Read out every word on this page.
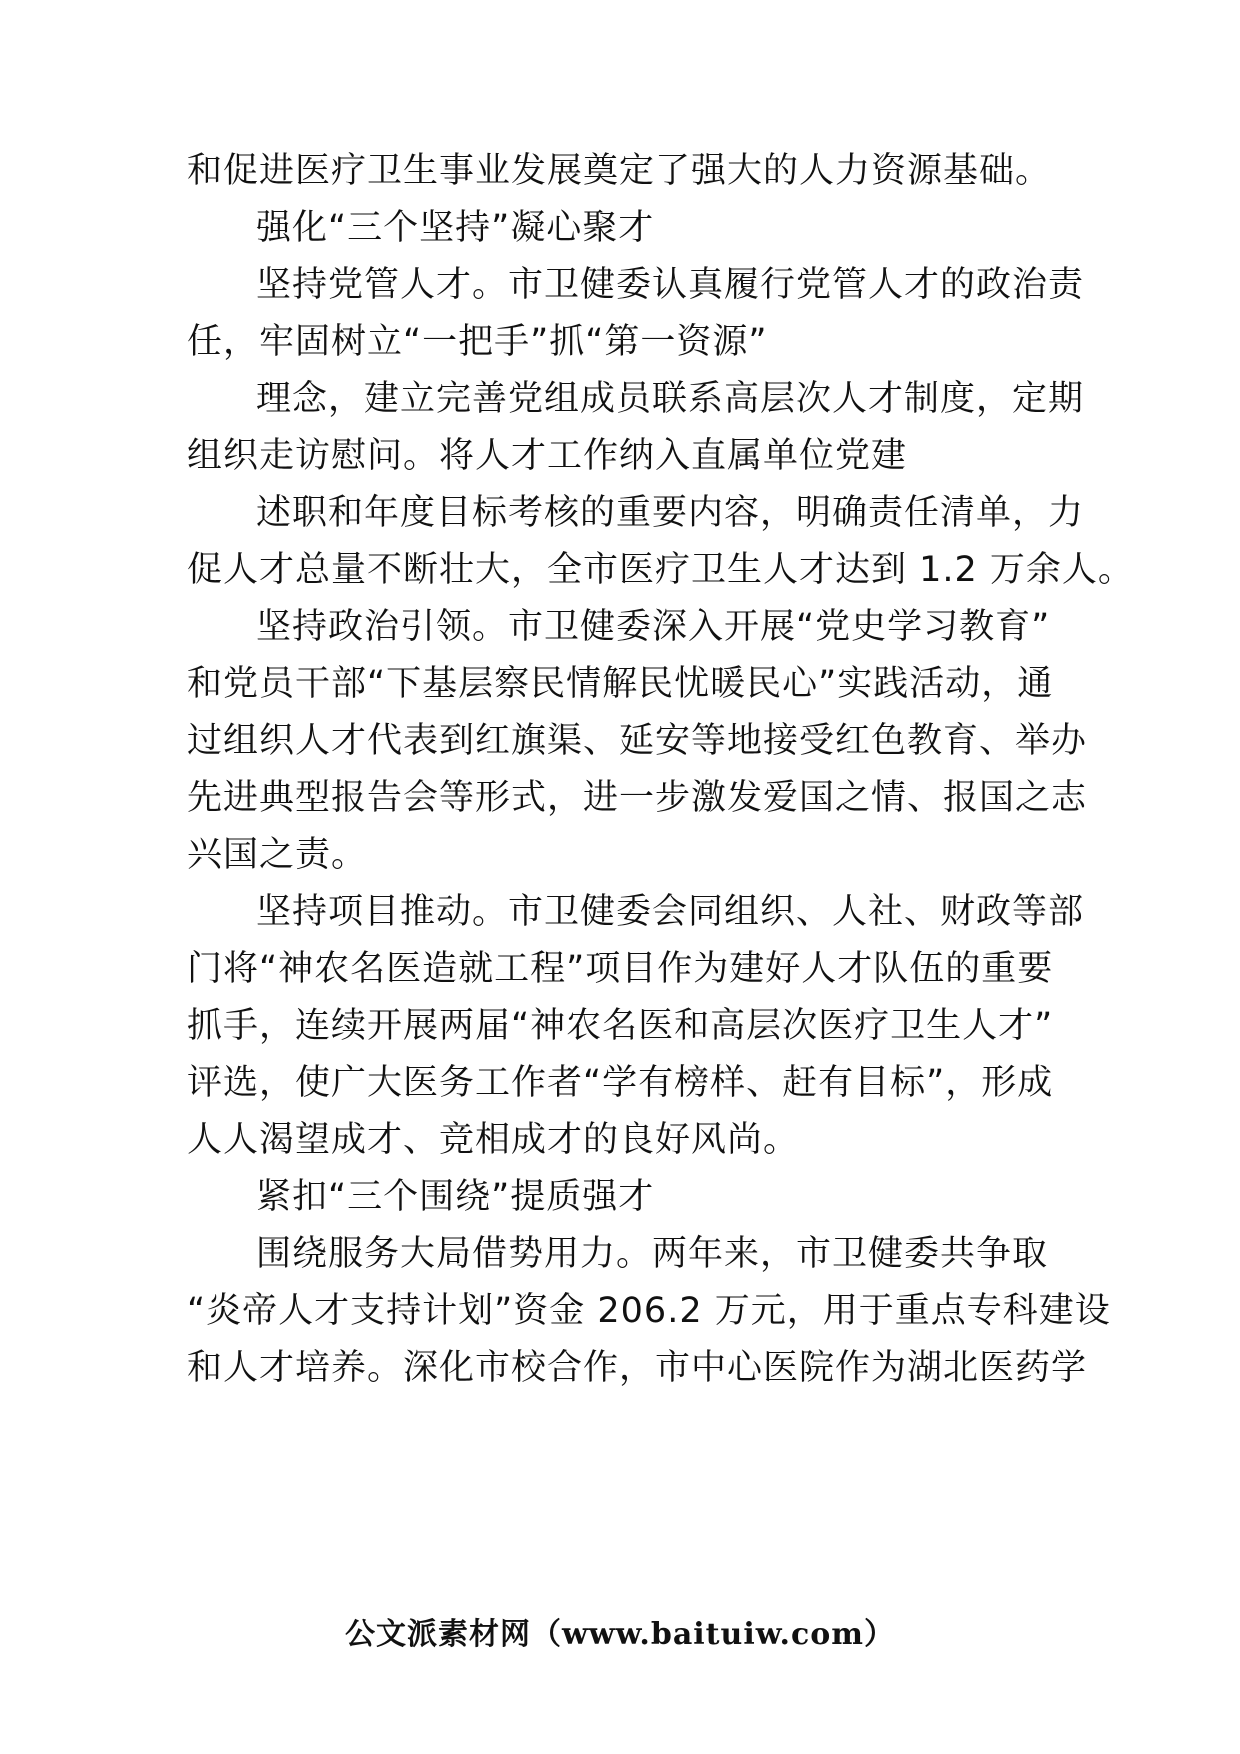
和促进医疗卫生事业发展奠定了强大的人力资源基础。
强化“三个坚持”凝心聚才
坚持党管人才。市卫健委认真履行党管人才的政治责
任，牢固树立“一把手”抓“第一资源”
理念，建立完善党组成员联系高层次人才制度，定期
组织走访慰问。将人才工作纳入直属单位党建
述职和年度目标考核的重要内容，明确责任清单，力
促人才总量不断壮大，全市医疗卫生人才达到 1.2 万余人。
坚持政治引领。市卫健委深入开展“党史学习教育”
和党员干部“下基层察民情解民忧暖民心”实践活动，通
过组织人才代表到红旗渠、延安等地接受红色教育、举办
先进典型报告会等形式，进一步激发爱国之情、报国之志
兴国之责。
坚持项目推动。市卫健委会同组织、人社、财政等部
门将“神农名医造就工程”项目作为建好人才队伍的重要
抓手，连续开展两届“神农名医和高层次医疗卫生人才”
评选，使广大医务工作者“学有榜样、赶有目标”，形成
人人渴望成才、竞相成才的良好风尚。
紧扣“三个围绕”提质强才
围绕服务大局借势用力。两年来，市卫健委共争取
“炎帝人才支持计划”资金 206.2 万元，用于重点专科建设
和人才培养。深化市校合作，市中心医院作为湖北医药学
公文派素材网（www.baituiw.com）
